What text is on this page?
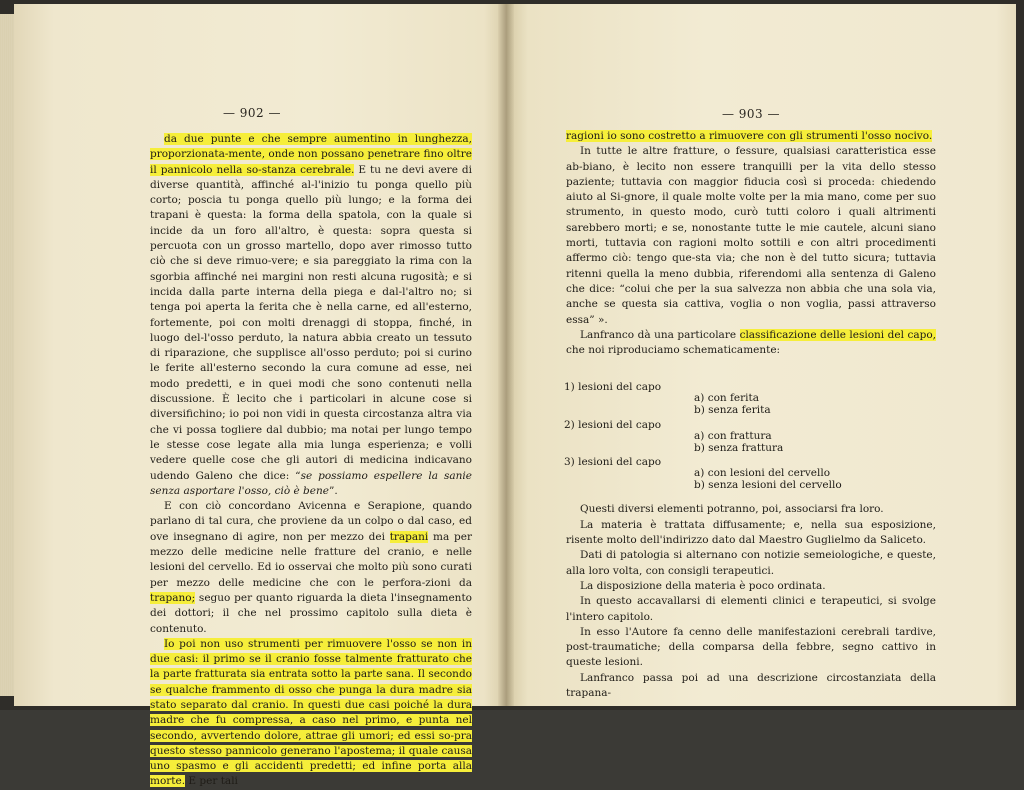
— 902 —

da due punte e che sempre aumentino in lunghezza, proporzionata-mente, onde non possano penetrare fino oltre il pannicolo nella so-stanza cerebrale. E tu ne devi avere di diverse quantità, affinché al-l'inizio tu ponga quello più corto; poscia tu ponga quello più lungo; e la forma dei trapani è questa: la forma della spatola, con la quale si incide da un foro all'altro, è questa: sopra questa si percuota con un grosso martello, dopo aver rimosso tutto ciò che si deve rimuo-vere; e sia pareggiato la rima con la sgorbia affinché nei margini non resti alcuna rugosità; e si incida dalla parte interna della piega e dal-l'altro no; si tenga poi aperta la ferita che è nella carne, ed all'esterno, fortemente, poi con molti drenaggi di stoppa, finché, in luogo del-l'osso perduto, la natura abbia creato un tessuto di riparazione, che supplisce all'osso perduto; poi si curino le ferite all'esterno secondo la cura comune ad esse, nei modo predetti, e in quei modi che sono contenuti nella discussione. È lecito che i particolari in alcune cose si diversifichino; io poi non vidi in questa circostanza altra via che vi possa togliere dal dubbio; ma notai per lungo tempo le stesse cose legate alla mia lunga esperienza; e volli vedere quelle cose che gli autori di medicina indicavano udendo Galeno che dice: “se possiamo espellere la sanie senza asportare l'osso, ciò è bene”.

E con ciò concordano Avicenna e Serapione, quando parlano di tal cura, che proviene da un colpo o dal caso, ed ove insegnano di agire, non per mezzo dei trapani ma per mezzo delle medicine nelle fratture del cranio, e nelle lesioni del cervello. Ed io osservai che molto più sono curati per mezzo delle medicine che con le perfora-zioni da trapano; seguo per quanto riguarda la dieta l'insegnamento dei dottori; il che nel prossimo capitolo sulla dieta è contenuto.

Io poi non uso strumenti per rimuovere l'osso se non in due casi: il primo se il cranio fosse talmente fratturato che la parte fratturata sia entrata sotto la parte sana. Il secondo se qualche frammento di osso che punga la dura madre sia stato separato dal cranio. In questi due casi poiché la dura madre che fu compressa, a caso nel primo, e punta nel secondo, avvertendo dolore, attrae gli umori; ed essi so-pra questo stesso pannicolo generano l'apostema; il quale causa uno spasmo e gli accidenti predetti; ed infine porta alla morte. E per tali

— 903 —

ragioni io sono costretto a rimuovere con gli strumenti l'osso nocivo.

In tutte le altre fratture, o fessure, qualsiasi caratteristica esse ab-biano, è lecito non essere tranquilli per la vita dello stesso paziente; tuttavia con maggior fiducia così si proceda: chiedendo aiuto al Si-gnore, il quale molte volte per la mia mano, come per suo strumento, in questo modo, curò tutti coloro i quali altrimenti sarebbero morti; e se, nonostante tutte le mie cautele, alcuni siano morti, tuttavia con ragioni molto sottili e con altri procedimenti affermo ciò: tengo que-sta via; che non è del tutto sicura; tuttavia ritenni quella la meno dubbia, riferendomi alla sentenza di Galeno che dice: “colui che per la sua salvezza non abbia che una sola via, anche se questa sia cattiva, voglia o non voglia, passi attraverso essa” ».

Lanfranco dà una particolare classificazione delle lesioni del capo, che noi riproduciamo schematicamente:

1) lesioni del capo
a) con ferita
b) senza ferita
2) lesioni del capo
a) con frattura
b) senza frattura
3) lesioni del capo
a) con lesioni del cervello
b) senza lesioni del cervello

Questi diversi elementi potranno, poi, associarsi fra loro.

La materia è trattata diffusamente; e, nella sua esposizione, risente molto dell'indirizzo dato dal Maestro Guglielmo da Saliceto.

Dati di patologia si alternano con notizie semeiologiche, e queste, alla loro volta, con consigli terapeutici.

La disposizione della materia è poco ordinata.

In questo accavallarsi di elementi clinici e terapeutici, si svolge l'intero capitolo.

In esso l'Autore fa cenno delle manifestazioni cerebrali tardive, post-traumatiche; della comparsa della febbre, segno cattivo in queste lesioni.

Lanfranco passa poi ad una descrizione circostanziata della trapana-
